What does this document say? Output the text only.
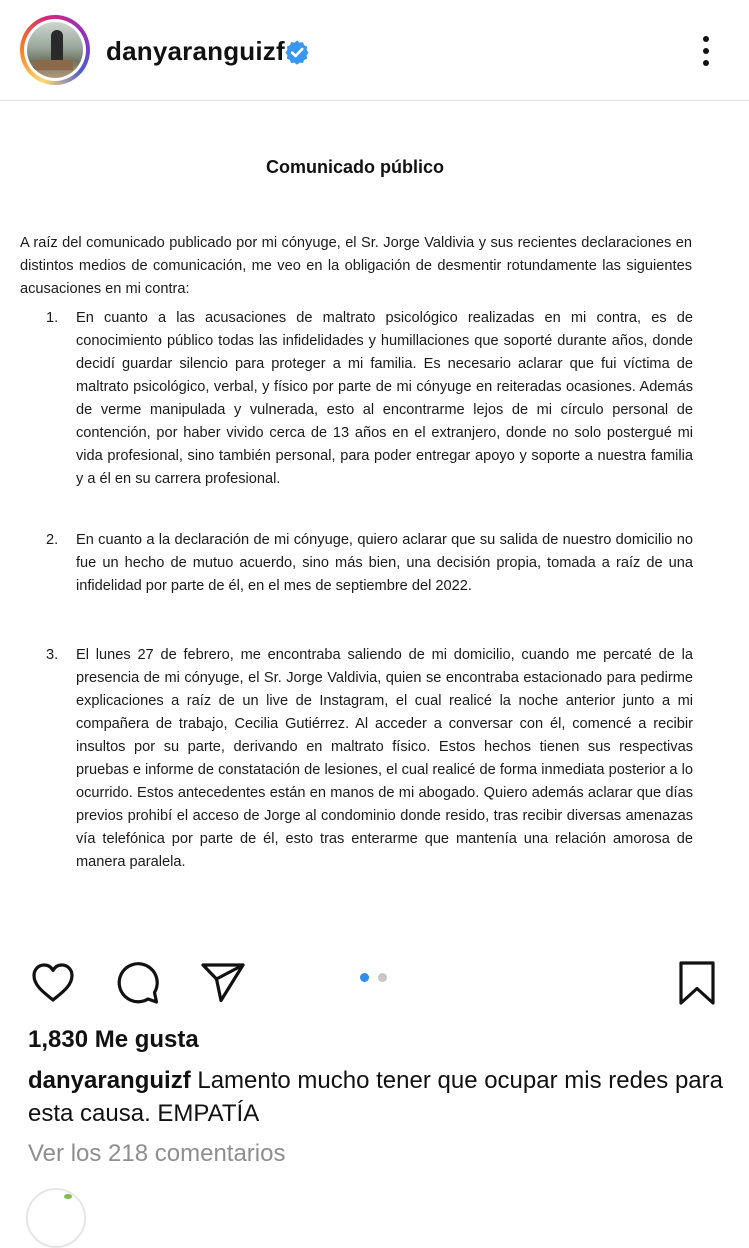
danyaranguizf
Comunicado público
A raíz del comunicado publicado por mi cónyuge, el Sr. Jorge Valdivia y sus recientes declaraciones en distintos medios de comunicación, me veo en la obligación de desmentir rotundamente las siguientes acusaciones en mi contra:
1. En cuanto a las acusaciones de maltrato psicológico realizadas en mi contra, es de conocimiento público todas las infidelidades y humillaciones que soporté durante años, donde decidí guardar silencio para proteger a mi familia. Es necesario aclarar que fui víctima de maltrato psicológico, verbal, y físico por parte de mi cónyuge en reiteradas ocasiones. Además de verme manipulada y vulnerada, esto al encontrarme lejos de mi círculo personal de contención, por haber vivido cerca de 13 años en el extranjero, donde no solo postergué mi vida profesional, sino también personal, para poder entregar apoyo y soporte a nuestra familia y a él en su carrera profesional.
2. En cuanto a la declaración de mi cónyuge, quiero aclarar que su salida de nuestro domicilio no fue un hecho de mutuo acuerdo, sino más bien, una decisión propia, tomada a raíz de una infidelidad por parte de él, en el mes de septiembre del 2022.
3. El lunes 27 de febrero, me encontraba saliendo de mi domicilio, cuando me percaté de la presencia de mi cónyuge, el Sr. Jorge Valdivia, quien se encontraba estacionado para pedirme explicaciones a raíz de un live de Instagram, el cual realicé la noche anterior junto a mi compañera de trabajo, Cecilia Gutiérrez. Al acceder a conversar con él, comencé a recibir insultos por su parte, derivando en maltrato físico. Estos hechos tienen sus respectivas pruebas e informe de constatación de lesiones, el cual realicé de forma inmediata posterior a lo ocurrido. Estos antecedentes están en manos de mi abogado. Quiero además aclarar que días previos prohibí el acceso de Jorge al condominio donde resido, tras recibir diversas amenazas vía telefónica por parte de él, esto tras enterarme que mantenía una relación amorosa de manera paralela.
1,830 Me gusta
danyaranguizf Lamento mucho tener que ocupar mis redes para esta causa. EMPATÍA
Ver los 218 comentarios
